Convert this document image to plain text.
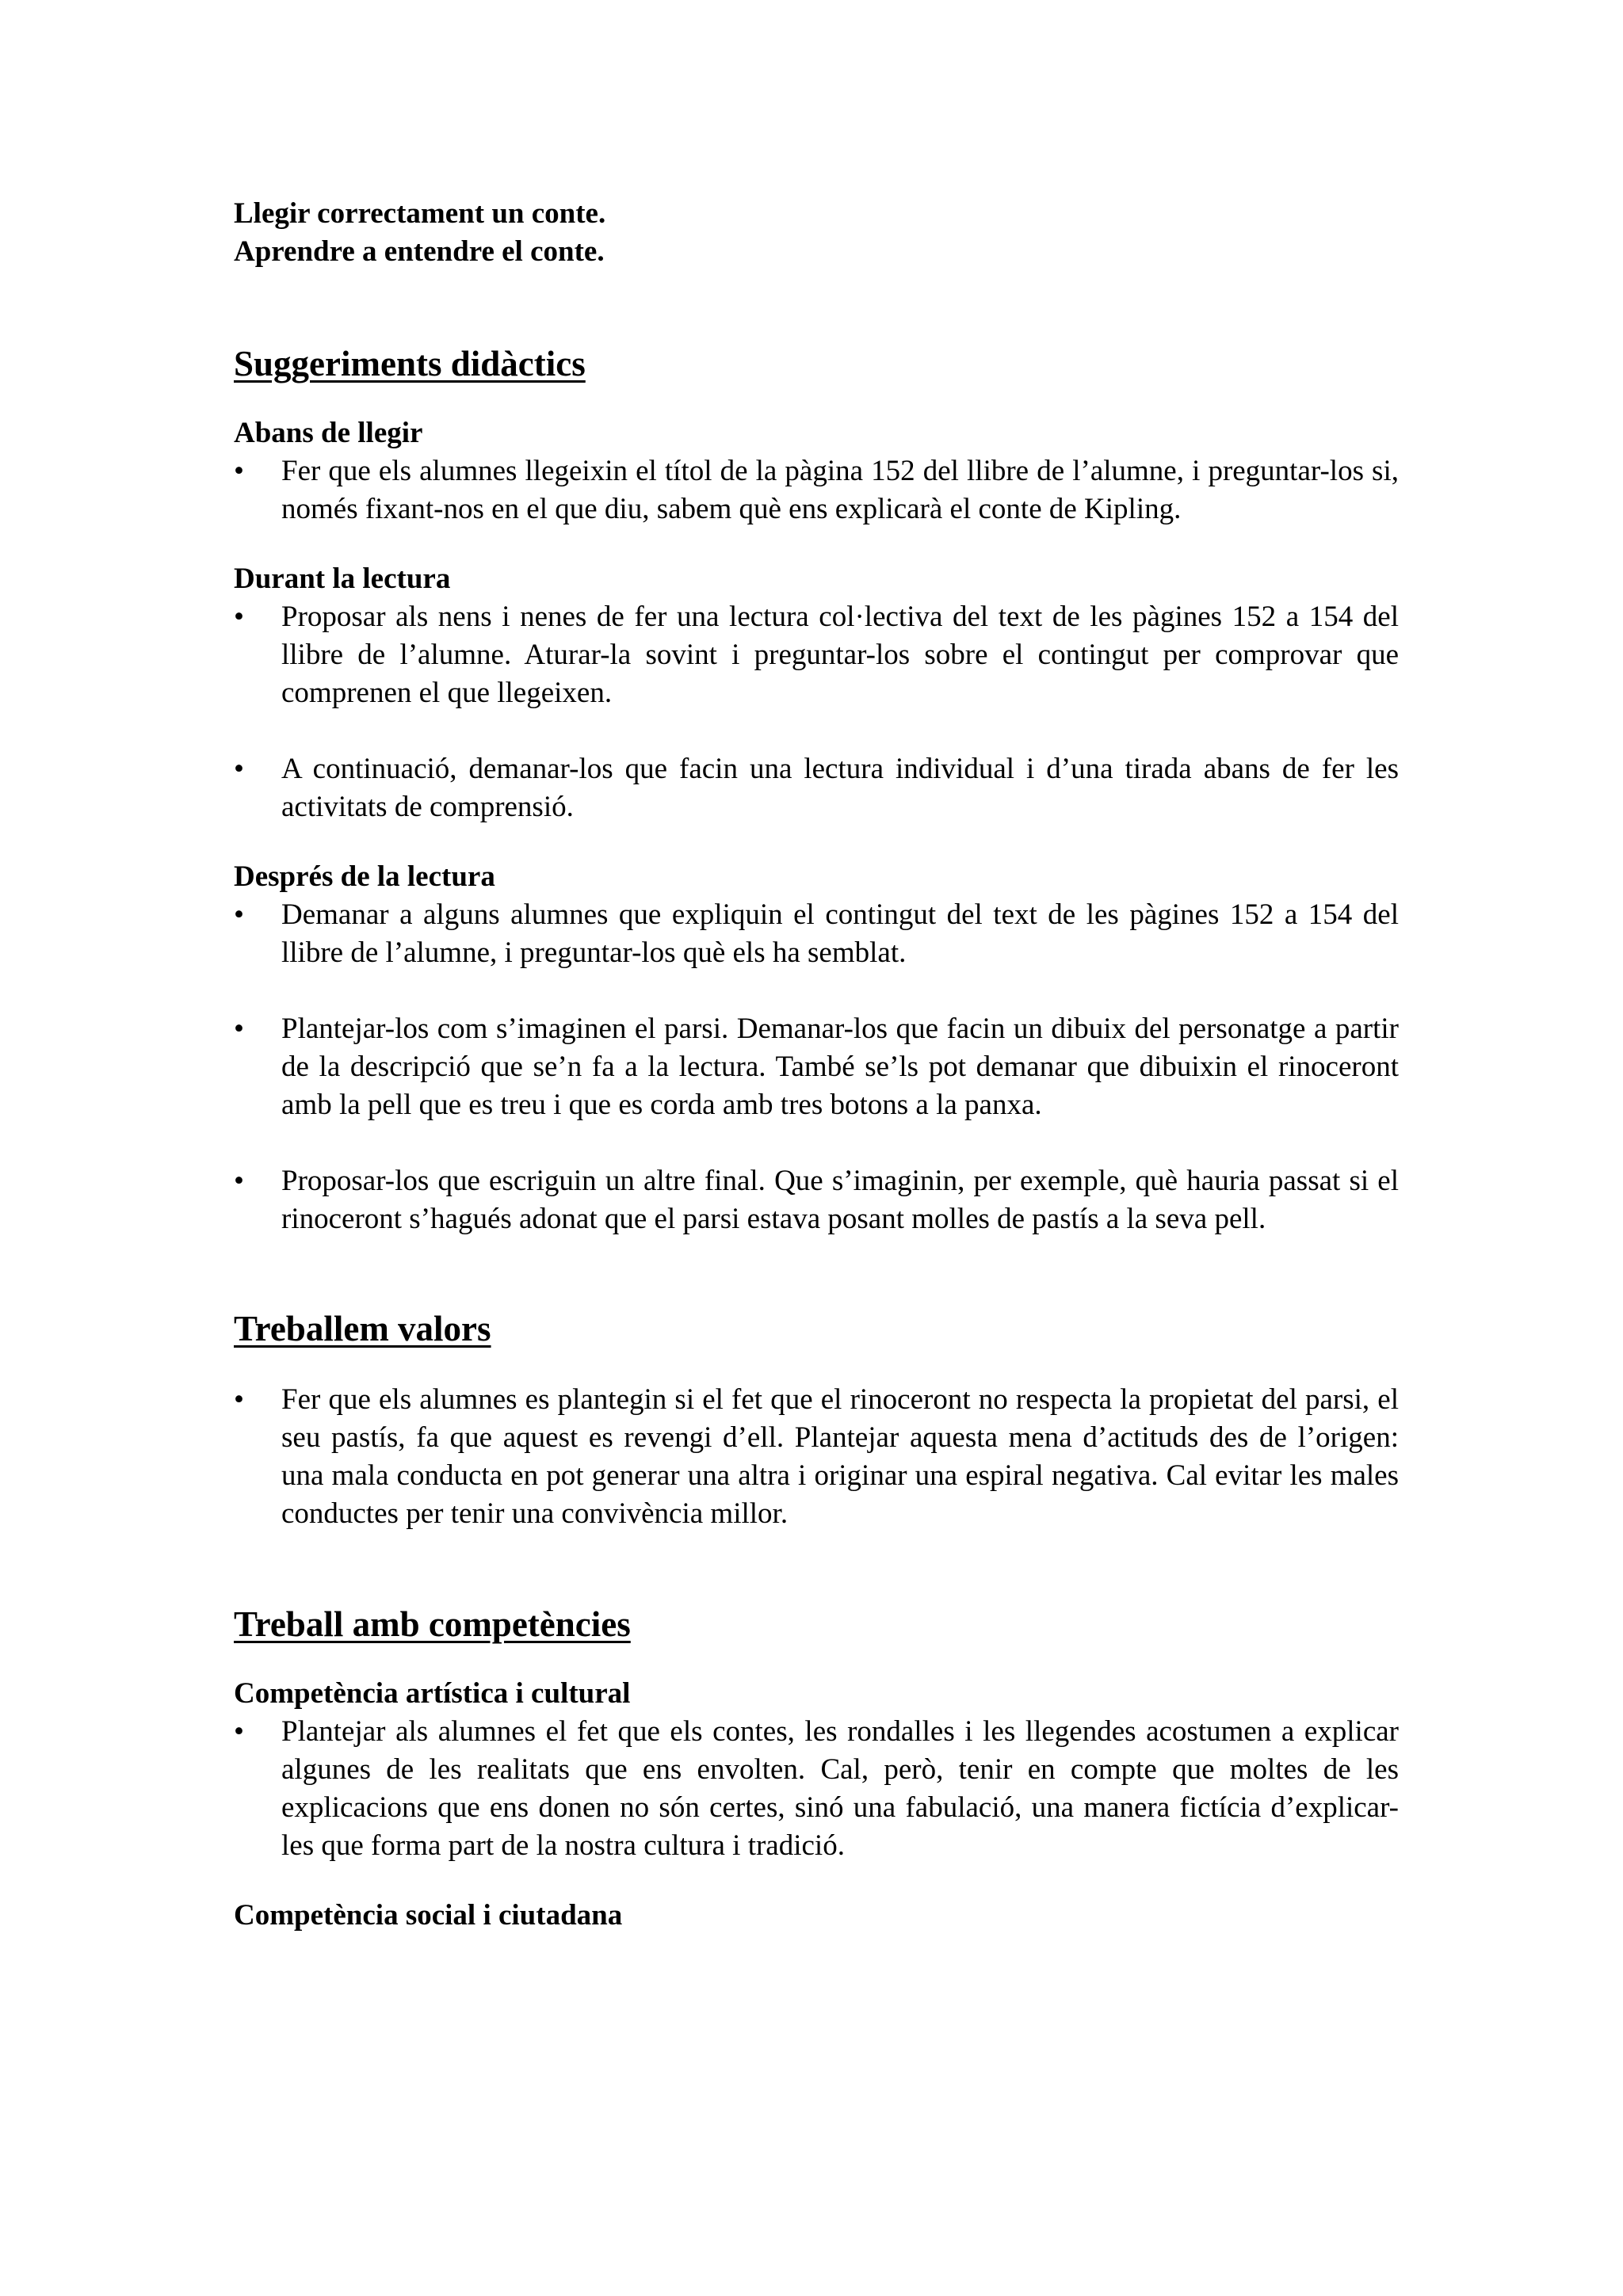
Llegir correctament un conte.

Aprendre a entendre el conte.

Suggeriments didàctics
Abans de llegir
•	Fer que els alumnes llegeixin el títol de la pàgina 152 del llibre de l’alumne, i preguntar-los si, només fixant-nos en el que diu, sabem què ens explicarà el conte de Kipling.
Durant la lectura
•	Proposar als nens i nenes de fer una lectura col·lectiva del text de les pàgines 152 a 154 del llibre de l’alumne. Aturar-la sovint i preguntar-los sobre el contingut per comprovar que comprenen el que llegeixen.
•	A continuació, demanar-los que facin una lectura individual i d’una tirada abans de fer les activitats de comprensió.
Després de la lectura
•	Demanar a alguns alumnes que expliquin el contingut del text de les pàgines 152 a 154 del llibre de l’alumne, i preguntar-los què els ha semblat.
•	Plantejar-los com s’imaginen el parsi. Demanar-los que facin un dibuix del personatge a partir de la descripció que se’n fa a la lectura. També se’ls pot demanar que dibuixin el rinoceront amb la pell que es treu i que es corda amb tres botons a la panxa.
•	Proposar-los que escriguin un altre final. Que s’imaginin, per exemple, què hauria passat si el rinoceront s’hagués adonat que el parsi estava posant molles de pastís a la seva pell.
Treballem valors
•	Fer que els alumnes es plantegin si el fet que el rinoceront no respecta la propietat del parsi, el seu pastís, fa que aquest es revengi d’ell. Plantejar aquesta mena d’actituds des de l’origen: una mala conducta en pot generar una altra i originar una espiral negativa. Cal evitar les males conductes per tenir una convivència millor.
Treball amb competències
Competència artística i cultural
•	Plantejar als alumnes el fet que els contes, les rondalles i les llegendes acostumen a explicar algunes de les realitats que ens envolten. Cal, però, tenir en compte que moltes de les explicacions que ens donen no són certes, sinó una fabulació, una manera fictícia d’explicar-les que forma part de la nostra cultura i tradició.
Competència social i ciutadana
